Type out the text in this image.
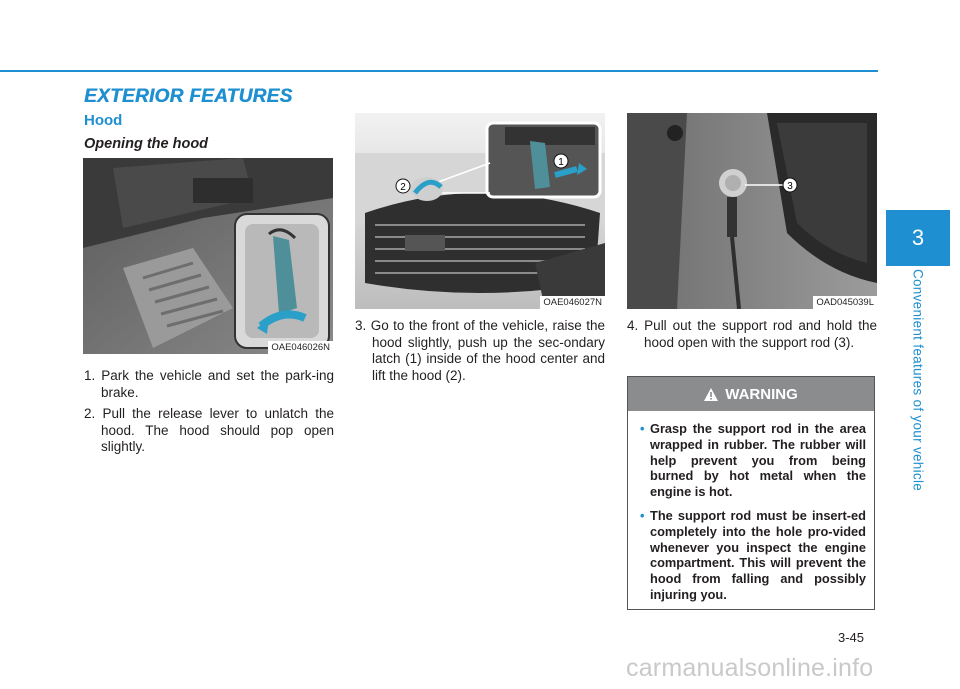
EXTERIOR FEATURES
Hood
Opening the hood
OAE046026N
1
2
OAE046027N
3
OAD045039L
1. Park the vehicle and set the park-ing brake.
2. Pull the release lever to unlatch the hood. The hood should pop open slightly.
3. Go to the front of the vehicle, raise the hood slightly, push up the sec-ondary latch (1) inside of the hood center and lift the hood (2).
4. Pull out the support rod and hold the hood open with the support rod (3).
WARNING
• Grasp the support rod in the area wrapped in rubber. The rubber will help prevent you from being burned by hot metal when the engine is hot.
• The support rod must be insert-ed completely into the hole pro-vided whenever you inspect the engine compartment. This will prevent the hood from falling and possibly injuring you.
3
Convenient features of your vehicle
3-45
carmanualsonline.info
